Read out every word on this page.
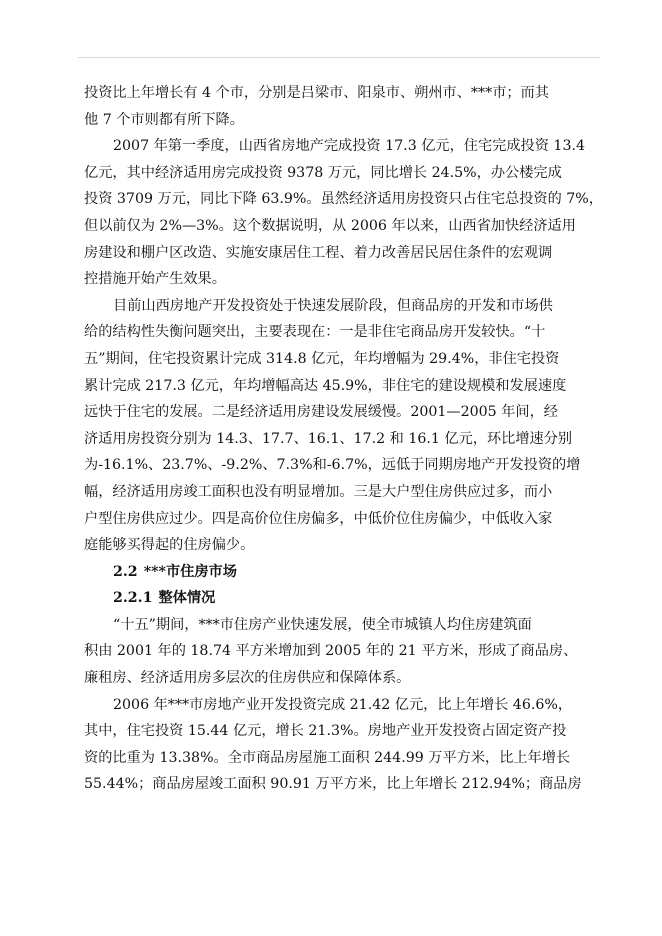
投资比上年增长有 4 个市，分别是吕梁市、阳泉市、朔州市、***市；而其
他 7 个市则都有所下降。
2007 年第一季度，山西省房地产完成投资 17.3 亿元，住宅完成投资 13.4
亿元，其中经济适用房完成投资 9378 万元，同比增长 24.5%，办公楼完成
投资 3709 万元，同比下降 63.9%。虽然经济适用房投资只占住宅总投资的 7%，
但以前仅为 2%—3%。这个数据说明，从 2006 年以来，山西省加快经济适用
房建设和棚户区改造、实施安康居住工程、着力改善居民居住条件的宏观调
控措施开始产生效果。
目前山西房地产开发投资处于快速发展阶段，但商品房的开发和市场供
给的结构性失衡问题突出，主要表现在：一是非住宅商品房开发较快。“十
五”期间，住宅投资累计完成 314.8 亿元，年均增幅为 29.4%，非住宅投资
累计完成 217.3 亿元，年均增幅高达 45.9%，非住宅的建设规模和发展速度
远快于住宅的发展。二是经济适用房建设发展缓慢。2001—2005 年间，经
济适用房投资分别为 14.3、17.7、16.1、17.2 和 16.1 亿元，环比增速分别
为-16.1%、23.7%、-9.2%、7.3%和-6.7%，远低于同期房地产开发投资的增
幅，经济适用房竣工面积也没有明显增加。三是大户型住房供应过多，而小
户型住房供应过少。四是高价位住房偏多，中低价位住房偏少，中低收入家
庭能够买得起的住房偏少。
2.2 ***市住房市场
2.2.1 整体情况
“十五”期间，***市住房产业快速发展，使全市城镇人均住房建筑面
积由 2001 年的 18.74 平方米增加到 2005 年的 21 平方米，形成了商品房、
廉租房、经济适用房多层次的住房供应和保障体系。
2006 年***市房地产业开发投资完成 21.42 亿元，比上年增长 46.6%，
其中，住宅投资 15.44 亿元，增长 21.3%。房地产业开发投资占固定资产投
资的比重为 13.38%。全市商品房屋施工面积 244.99 万平方米，比上年增长
55.44%；商品房屋竣工面积 90.91 万平方米，比上年增长 212.94%；商品房
